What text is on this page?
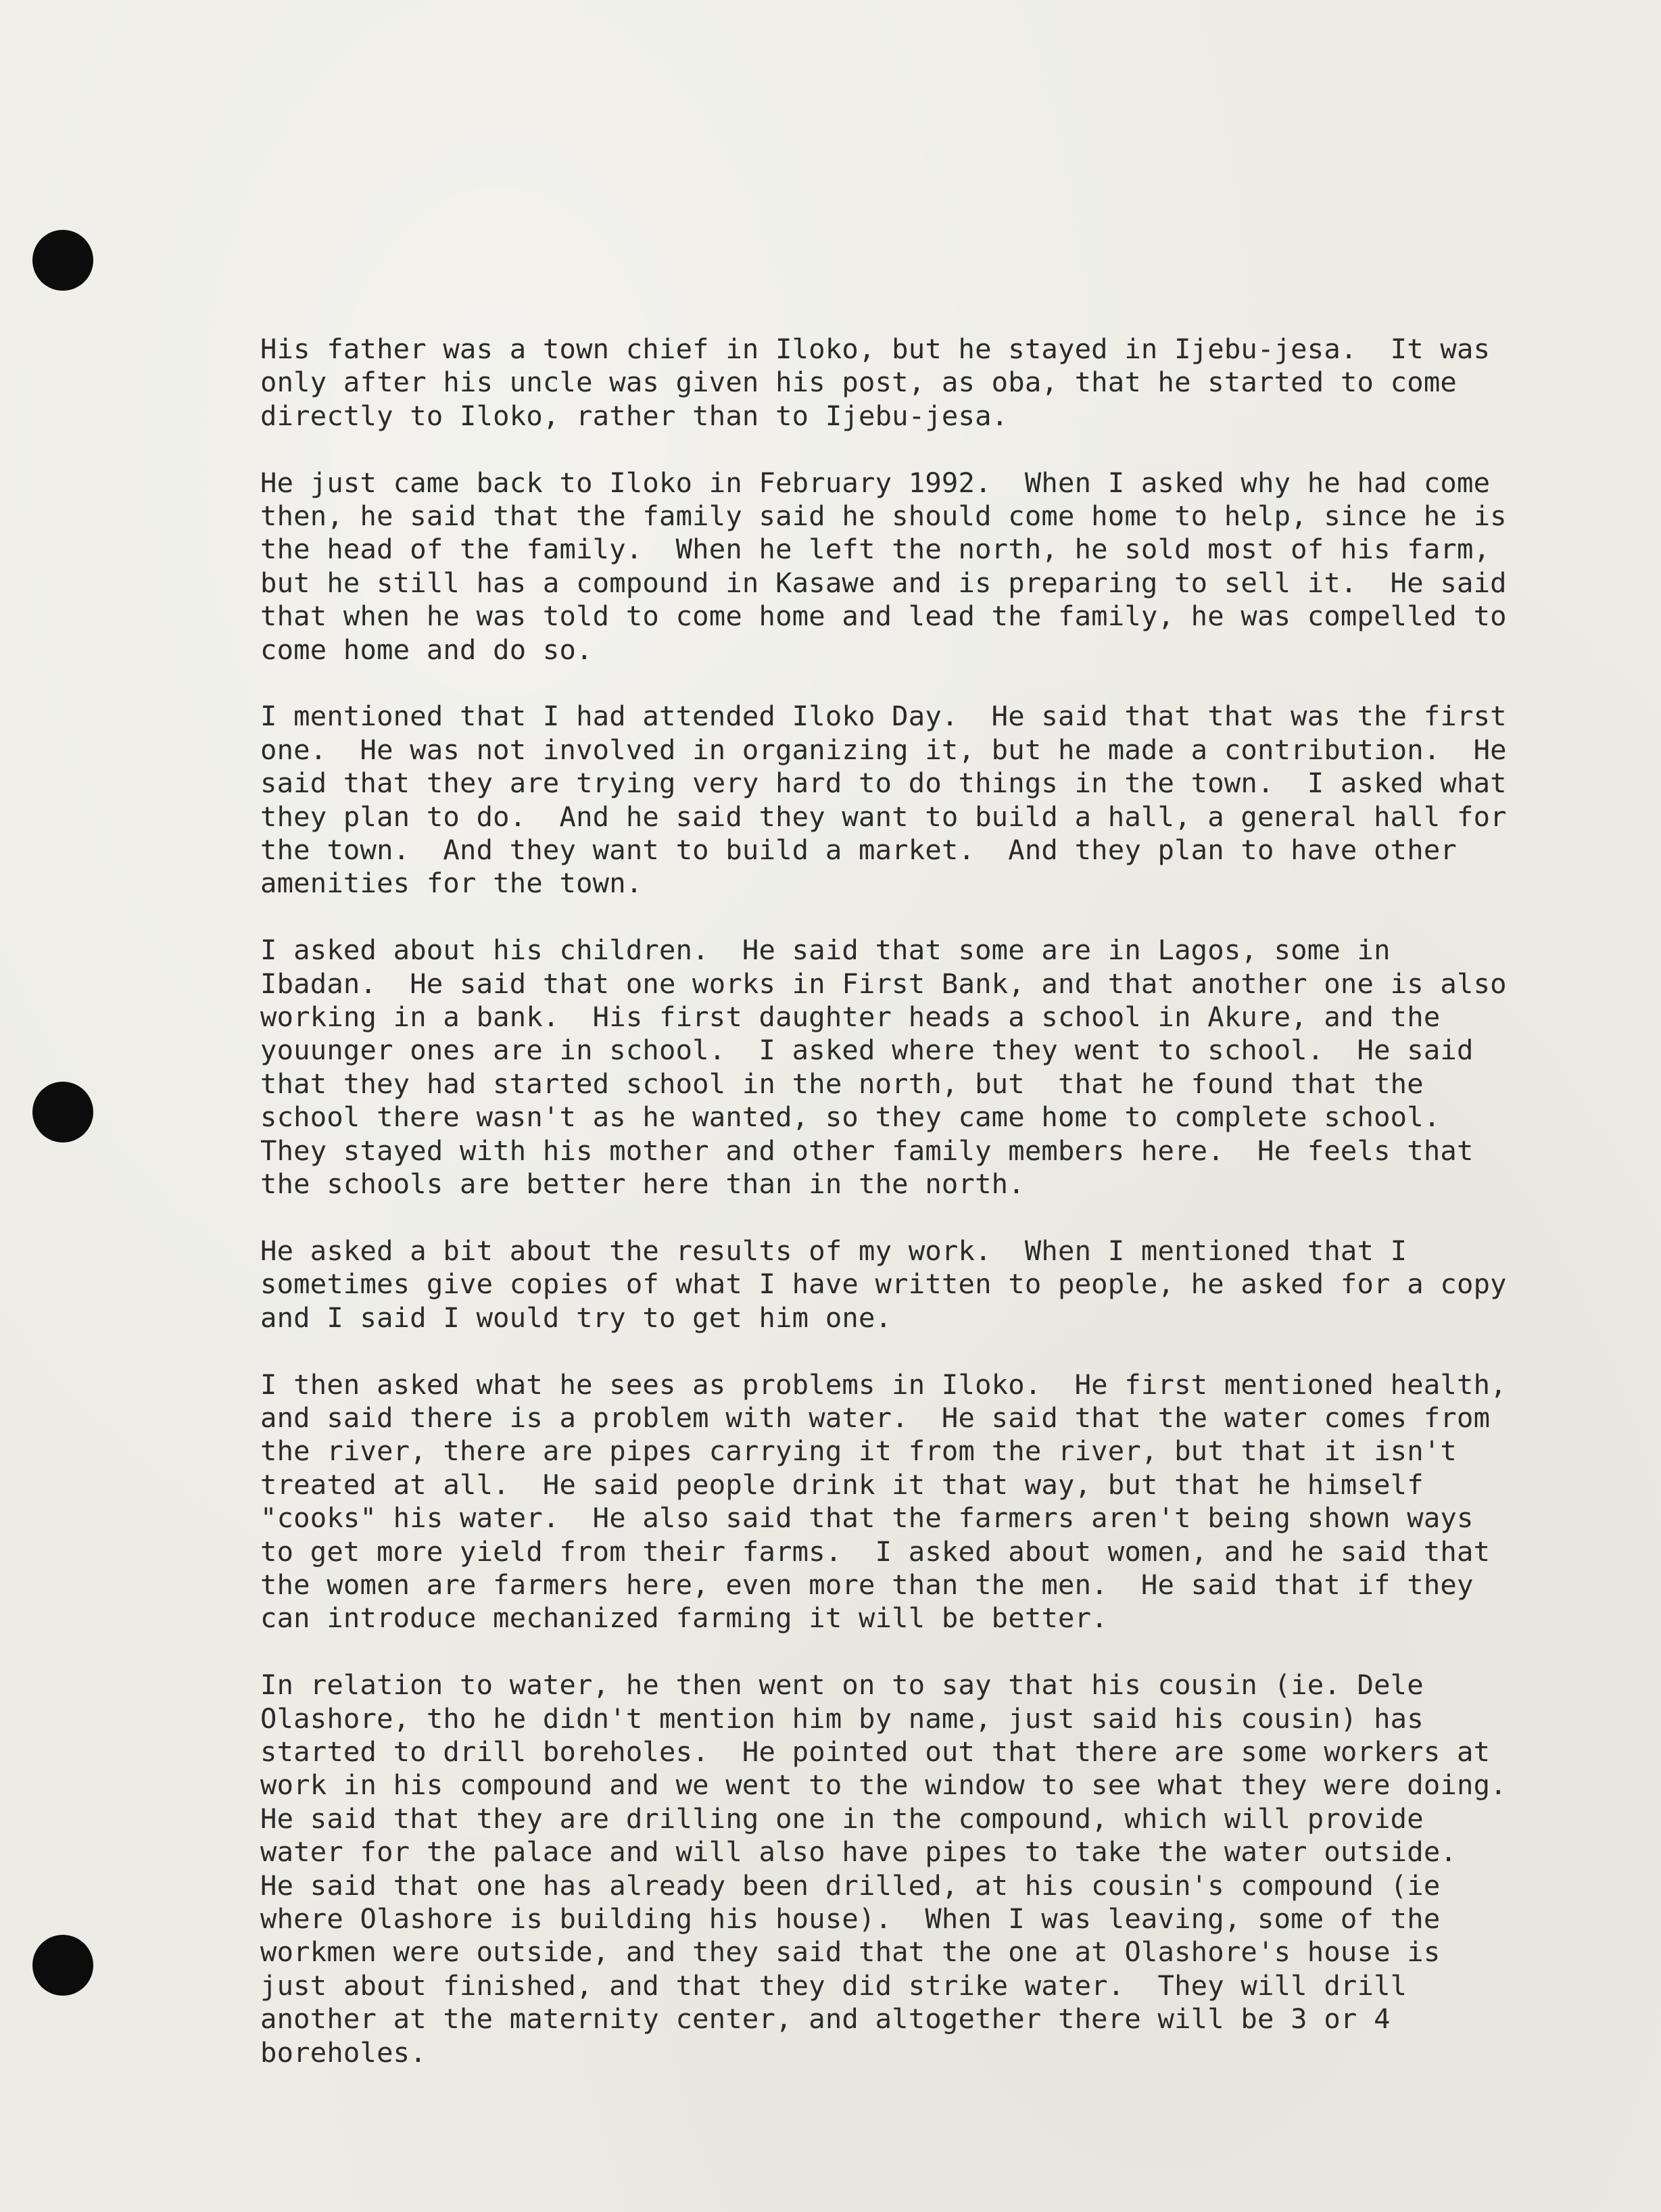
His father was a town chief in Iloko, but he stayed in Ijebu-jesa.  It was
only after his uncle was given his post, as oba, that he started to come
directly to Iloko, rather than to Ijebu-jesa.

He just came back to Iloko in February 1992.  When I asked why he had come
then, he said that the family said he should come home to help, since he is
the head of the family.  When he left the north, he sold most of his farm,
but he still has a compound in Kasawe and is preparing to sell it.  He said
that when he was told to come home and lead the family, he was compelled to
come home and do so.

I mentioned that I had attended Iloko Day.  He said that that was the first
one.  He was not involved in organizing it, but he made a contribution.  He
said that they are trying very hard to do things in the town.  I asked what
they plan to do.  And he said they want to build a hall, a general hall for
the town.  And they want to build a market.  And they plan to have other
amenities for the town.

I asked about his children.  He said that some are in Lagos, some in
Ibadan.  He said that one works in First Bank, and that another one is also
working in a bank.  His first daughter heads a school in Akure, and the
youunger ones are in school.  I asked where they went to school.  He said
that they had started school in the north, but  that he found that the
school there wasn't as he wanted, so they came home to complete school.
They stayed with his mother and other family members here.  He feels that
the schools are better here than in the north.

He asked a bit about the results of my work.  When I mentioned that I
sometimes give copies of what I have written to people, he asked for a copy
and I said I would try to get him one.

I then asked what he sees as problems in Iloko.  He first mentioned health,
and said there is a problem with water.  He said that the water comes from
the river, there are pipes carrying it from the river, but that it isn't
treated at all.  He said people drink it that way, but that he himself
"cooks" his water.  He also said that the farmers aren't being shown ways
to get more yield from their farms.  I asked about women, and he said that
the women are farmers here, even more than the men.  He said that if they
can introduce mechanized farming it will be better.

In relation to water, he then went on to say that his cousin (ie. Dele
Olashore, tho he didn't mention him by name, just said his cousin) has
started to drill boreholes.  He pointed out that there are some workers at
work in his compound and we went to the window to see what they were doing.
He said that they are drilling one in the compound, which will provide
water for the palace and will also have pipes to take the water outside.
He said that one has already been drilled, at his cousin's compound (ie
where Olashore is building his house).  When I was leaving, some of the
workmen were outside, and they said that the one at Olashore's house is
just about finished, and that they did strike water.  They will drill
another at the maternity center, and altogether there will be 3 or 4
boreholes.
